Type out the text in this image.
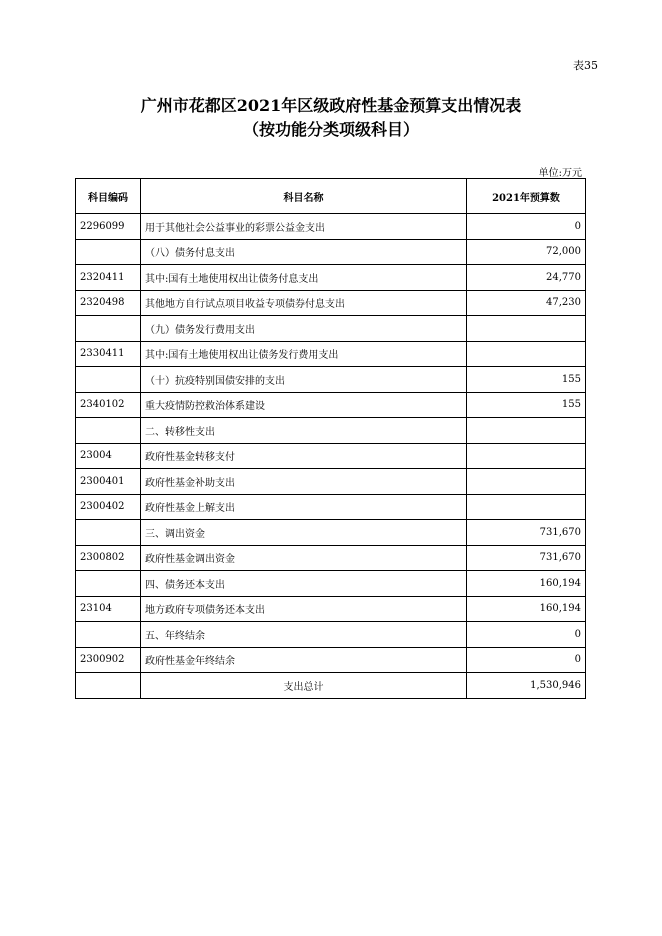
表35
广州市花都区2021年区级政府性基金预算支出情况表
（按功能分类项级科目）
单位:万元
科目编码	科目名称	2021年预算数
2296099	用于其他社会公益事业的彩票公益金支出	0
	（八）债务付息支出	72,000
2320411	其中:国有土地使用权出让债务付息支出	24,770
2320498	其他地方自行试点项目收益专项债券付息支出	47,230
	（九）债务发行费用支出	
2330411	其中:国有土地使用权出让债务发行费用支出	
	（十）抗疫特别国债安排的支出	155
2340102	重大疫情防控救治体系建设	155
	二、转移性支出	
23004	政府性基金转移支付	
2300401	政府性基金补助支出	
2300402	政府性基金上解支出	
	三、调出资金	731,670
2300802	政府性基金调出资金	731,670
	四、债务还本支出	160,194
23104	地方政府专项债务还本支出	160,194
	五、年终结余	0
2300902	政府性基金年终结余	0
	支出总计	1,530,946
